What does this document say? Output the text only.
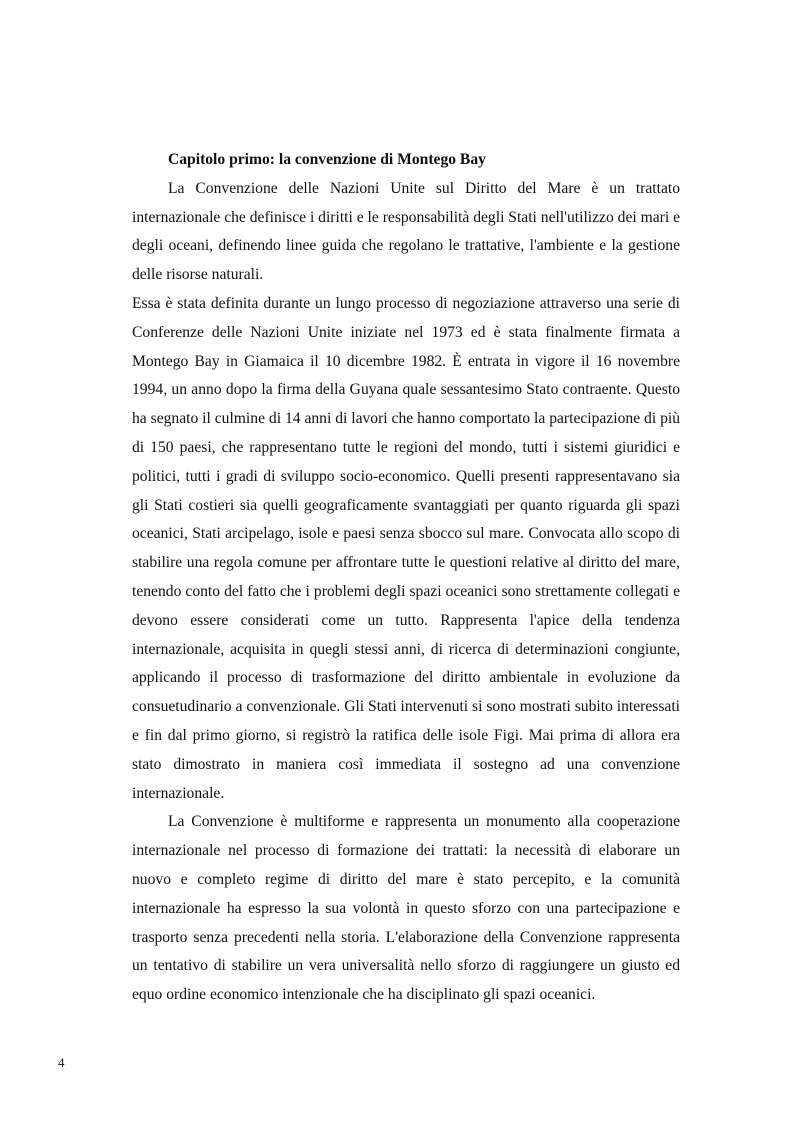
Capitolo primo: la convenzione di Montego Bay

La Convenzione delle Nazioni Unite sul Diritto del Mare è un trattato internazionale che definisce i diritti e le responsabilità degli Stati nell'utilizzo dei mari e degli oceani, definendo linee guida che regolano le trattative, l'ambiente e la gestione delle risorse naturali.

Essa è stata definita durante un lungo processo di negoziazione attraverso una serie di Conferenze delle Nazioni Unite iniziate nel 1973 ed è stata finalmente firmata a Montego Bay in Giamaica il 10 dicembre 1982. È entrata in vigore il 16 novembre 1994, un anno dopo la firma della Guyana quale sessantesimo Stato contraente. Questo ha segnato il culmine di 14 anni di lavori che hanno comportato la partecipazione di più di 150 paesi, che rappresentano tutte le regioni del mondo, tutti i sistemi giuridici e politici, tutti i gradi di sviluppo socio-economico. Quelli presenti rappresentavano sia gli Stati costieri sia quelli geograficamente svantaggiati per quanto riguarda gli spazi oceanici, Stati arcipelago, isole e paesi senza sbocco sul mare. Convocata allo scopo di stabilire una regola comune per affrontare tutte le questioni relative al diritto del mare, tenendo conto del fatto che i problemi degli spazi oceanici sono strettamente collegati e devono essere considerati come un tutto. Rappresenta l'apice della tendenza internazionale, acquisita in quegli stessi anni, di ricerca di determinazioni congiunte, applicando il processo di trasformazione del diritto ambientale in evoluzione da consuetudinario a convenzionale. Gli Stati intervenuti si sono mostrati subito interessati e fin dal primo giorno, si registrò la ratifica delle isole Figi. Mai prima di allora era stato dimostrato in maniera così immediata il sostegno ad una convenzione internazionale.

La Convenzione è multiforme e rappresenta un monumento alla cooperazione internazionale nel processo di formazione dei trattati: la necessità di elaborare un nuovo e completo regime di diritto del mare è stato percepito, e la comunità internazionale ha espresso la sua volontà in questo sforzo con una partecipazione e trasporto senza precedenti nella storia. L'elaborazione della Convenzione rappresenta un tentativo di stabilire un vera universalità nello sforzo di raggiungere un giusto ed equo ordine economico intenzionale che ha disciplinato gli spazi oceanici.

4
